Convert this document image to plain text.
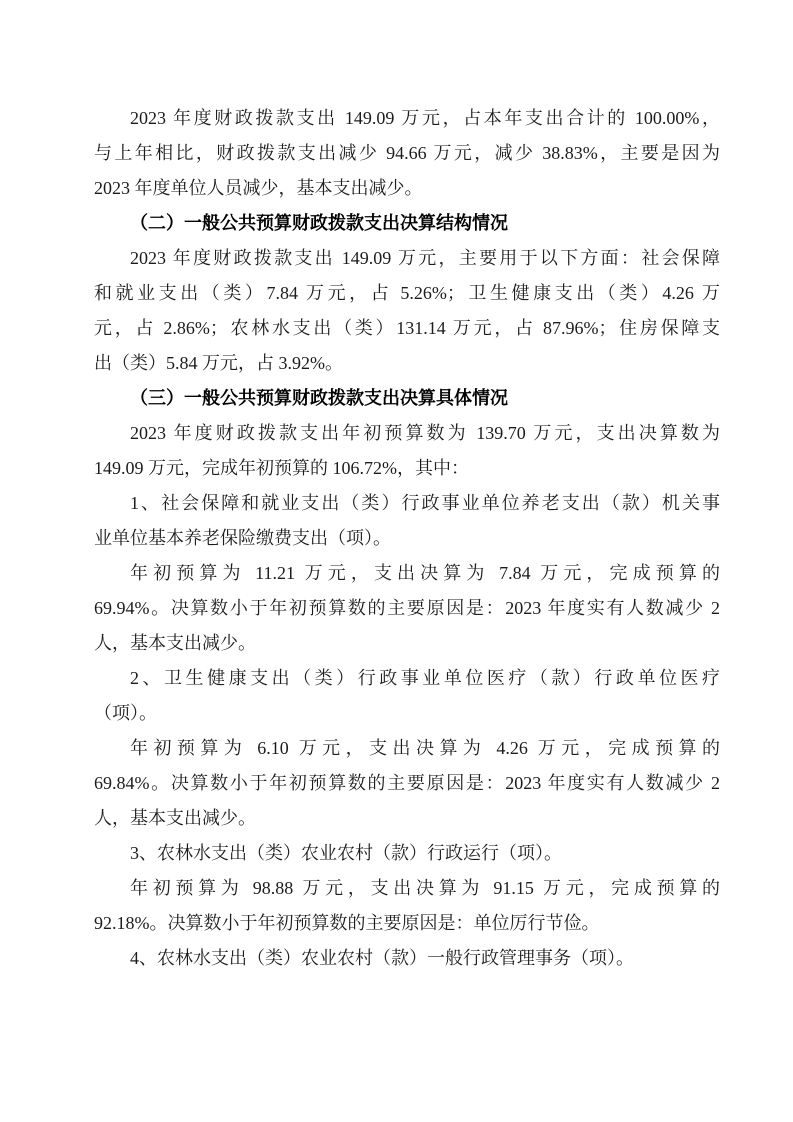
2023 年度财政拨款支出 149.09 万元，占本年支出合计的 100.00%，
与上年相比，财政拨款支出减少 94.66 万元，减少 38.83%，主要是因为
2023 年度单位人员减少，基本支出减少。
（二）一般公共预算财政拨款支出决算结构情况
2023 年度财政拨款支出 149.09 万元，主要用于以下方面：社会保障
和就业支出（类）7.84 万元，占 5.26%；卫生健康支出（类）4.26 万
元，占 2.86%；农林水支出（类）131.14 万元，占 87.96%；住房保障支
出（类）5.84 万元，占 3.92%。
（三）一般公共预算财政拨款支出决算具体情况
2023 年度财政拨款支出年初预算数为 139.70 万元，支出决算数为
149.09 万元，完成年初预算的 106.72%，其中：
1、社会保障和就业支出（类）行政事业单位养老支出（款）机关事
业单位基本养老保险缴费支出（项）。
年初预算为 11.21 万元，支出决算为 7.84 万元，完成预算的
69.94%。决算数小于年初预算数的主要原因是：2023 年度实有人数减少 2
人，基本支出减少。
2、卫生健康支出（类）行政事业单位医疗（款）行政单位医疗
（项）。
年初预算为 6.10 万元，支出决算为 4.26 万元，完成预算的
69.84%。决算数小于年初预算数的主要原因是：2023 年度实有人数减少 2
人，基本支出减少。
3、农林水支出（类）农业农村（款）行政运行（项）。
年初预算为 98.88 万元，支出决算为 91.15 万元，完成预算的
92.18%。决算数小于年初预算数的主要原因是：单位厉行节俭。
4、农林水支出（类）农业农村（款）一般行政管理事务（项）。
